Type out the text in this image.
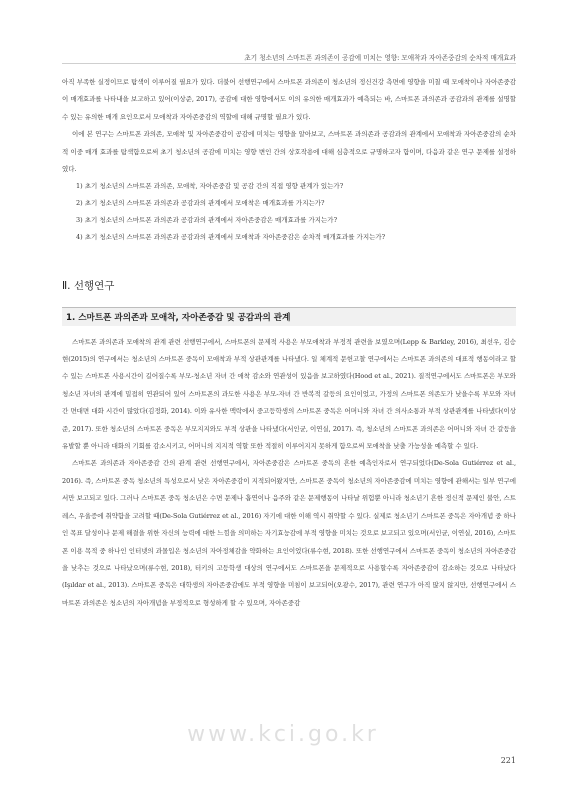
초기 청소년의 스마트폰 과의존이 공감에 미치는 영향: 모애착과 자아존중감의 순차적 매개효과

아직 부족한 실정이므로 탐색이 이루어질 필요가 있다. 더불어 선행연구에서 스마트폰 과의존이 청소년의 정신건강 측면에 영향을 미칠 때 모애착이나 자아존중감이 매개효과를 나타내을 보고하고 있어(이상준, 2017), 공감에 대한 영향에서도 이의 유의한 매개효과가 예측되는 바, 스마트폰 과의존과 공감과의 관계를 설명할 수 있는 유의한 매개 요인으로서 모애착과 자아존중감의 역할에 대해 규명할 필요가 있다.

이에 본 연구는 스마트폰 과의존, 모애착 및 자아존중감이 공감에 미치는 영향을 알아보고, 스마트폰 과의존과 공감과의 관계에서 모애착과 자아존중감의 순차적 이중 매개 효과를 탐색함으로써 초기 청소년의 공감에 미치는 영향 변인 간의 상호작용에 대해 심층적으로 규명하고자 함이며, 다음과 같은 연구 문제를 설정하였다.

1) 초기 청소년의 스마트폰 과의존, 모애착, 자아존중감 및 공감 간의 직접 영향 관계가 있는가?
2) 초기 청소년의 스마트폰 과의존과 공감과의 관계에서 모애착은 매개효과를 가지는가?
3) 초기 청소년의 스마트폰 과의존과 공감과의 관계에서 자아존중감은 매개효과를 가지는가?
4) 초기 청소년의 스마트폰 과의존과 공감과의 관계에서 모애착과 자아존중감은 순차적 매개효과를 가지는가?
Ⅱ. 선행연구
1. 스마트폰 과의존과 모애착, 자아존중감 및 공감과의 관계

스마트폰 과의존과 모애착의 관계 관련 선행연구에서, 스마트폰의 문제적 사용은 부모애착과 부정적 관련을 보였으며(Lepp & Barkley, 2016), 최선우, 김승현(2015)의 연구에서는 청소년의 스마트폰 중독이 모애착과 부적 상관관계를 나타냈다. 일 체계적 문헌고찰 연구에서는 스마트폰 과의존의 대표적 행동이라고 할 수 있는 스마트폰 사용시간이 길어질수록 부모-청소년 자녀 간 애착 감소와 연관성이 있음을 보고하였다(Hood et al., 2021). 질적연구에서도 스마트폰은 부모와 청소년 자녀의 관계에 밀접히 연관되어 있어 스마트폰의 과도한 사용은 부모-자녀 간 반복적 갈등의 요인이었고, 가정의 스마트폰 의존도가 낮을수록 부모와 자녀 간 면대면 대화 시간이 많았다(김정화, 2014). 이와 유사한 맥락에서 중고등학생의 스마트폰 중독은 어머니와 자녀 간 의사소통과 부적 상관관계를 나타냈다(이상준, 2017). 또한 청소년의 스마트폰 중독은 부모지지와도 부적 상관을 나타냈다(서인균, 이연실, 2017). 즉, 청소년의 스마트폰 과의존은 어머니와 자녀 간 갈등을 유발할 뿐 아니라 대화의 기회를 감소시키고, 어머니의 지지적 역할 또한 적절히 이루어지지 못하게 함으로써 모애착을 낮출 가능성을 예측할 수 있다.

스마트폰 과의존과 자아존중감 간의 관계 관련 선행연구에서, 자아존중감은 스마트폰 중독의 흔한 예측인자로서 연구되었다(De-Sola Gutiérrez et al., 2016). 즉, 스마트폰 중독 청소년의 특성으로서 낮은 자아존중감이 지적되어왔지만, 스마트폰 중독이 청소년의 자아존중감에 미치는 영향에 관해서는 일부 연구에서만 보고되고 있다. 그러나 스마트폰 중독 청소년은 수면 문제나 흡연이나 음주와 같은 문제행동이 나타날 위험뿐 아니라 청소년기 흔한 정신적 문제인 불안, 스트레스, 우울증에 취약함을 고려할 때(De-Sola Gutiérrez et al., 2016) 자기에 대한 이해 역시 취약할 수 있다. 실제로 청소년기 스마트폰 중독은 자아개념 중 하나인 목표 달성이나 문제 해결을 위한 자신의 능력에 대한 느낌을 의미하는 자기효능감에 부적 영향을 미치는 것으로 보고되고 있으며(서인균, 이연실, 2016), 스마트폰 이용 목적 중 하나인 인터넷의 과몰입은 청소년의 자아정체감을 약화하는 요인이었다(류수현, 2018). 또한 선행연구에서 스마트폰 중독이 청소년의 자아존중감을 낮추는 것으로 나타났으며(류수현, 2018), 터키의 고등학생 대상의 연구에서도 스마트폰을 문제적으로 사용할수록 자아존중감이 감소하는 것으로 나타났다(Işıldar et al., 2013). 스마트폰 중독은 대학생의 자아존중감에도 부적 영향을 미침이 보고되어(오광수, 2017), 관련 연구가 아직 많지 않지만, 선행연구에서 스마트폰 과의존은 청소년의 자아개념을 부정적으로 형성하게 할 수 있으며, 자아존중감

www.kci.go.kr
221
